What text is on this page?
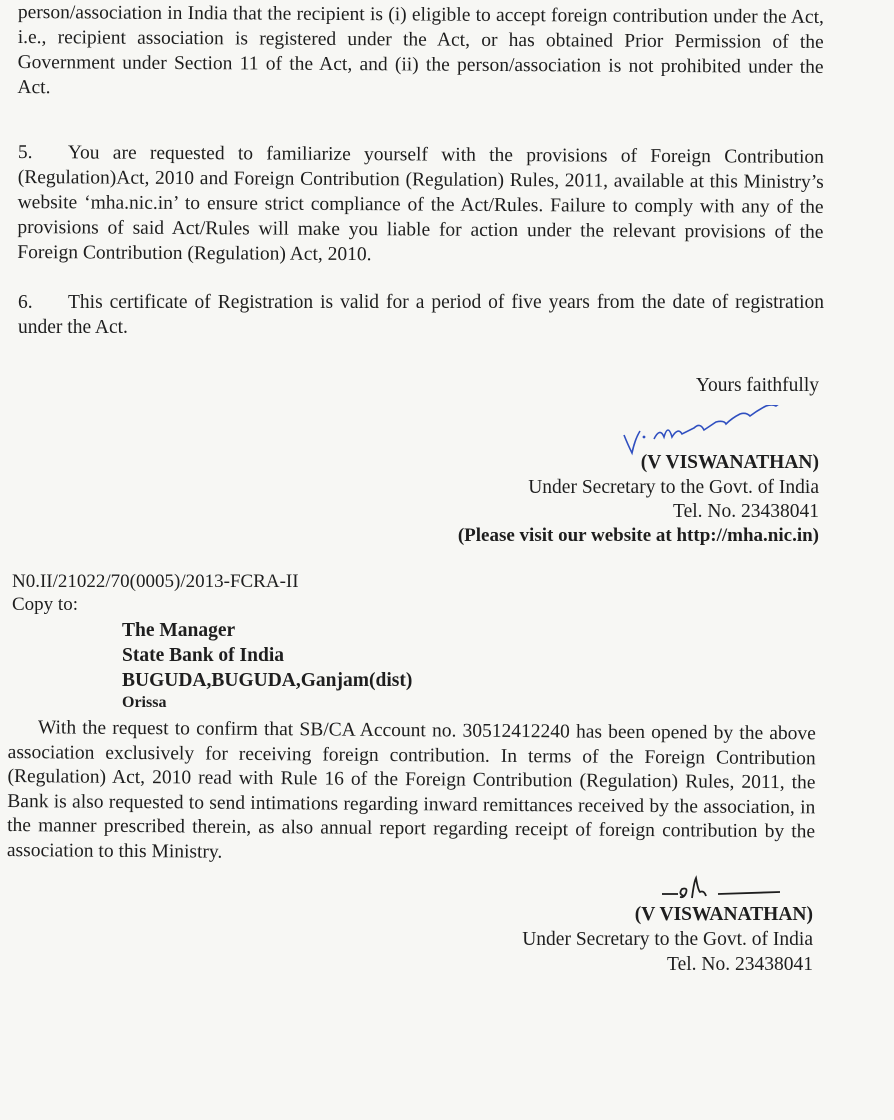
person/association in India that the recipient is (i) eligible to accept foreign contribution under the Act, i.e., recipient association is registered under the Act, or has obtained Prior Permission of the Government under Section 11 of the Act, and (ii) the person/association is not prohibited under the Act.
5. You are requested to familiarize yourself with the provisions of Foreign Contribution (Regulation)Act, 2010 and Foreign Contribution (Regulation) Rules, 2011, available at this Ministry’s website ‘mha.nic.in’ to ensure strict compliance of the Act/Rules. Failure to comply with any of the provisions of said Act/Rules will make you liable for action under the relevant provisions of the Foreign Contribution (Regulation) Act, 2010.
6. This certificate of Registration is valid for a period of five years from the date of registration under the Act.
Yours faithfully
(V VISWANATHAN)
Under Secretary to the Govt. of India
Tel. No. 23438041
(Please visit our website at http://mha.nic.in)
N0.II/21022/70(0005)/2013-FCRA-II
Copy to:
The Manager
State Bank of India
BUGUDA,BUGUDA,Ganjam(dist)
Orissa
With the request to confirm that SB/CA Account no. 30512412240 has been opened by the above association exclusively for receiving foreign contribution. In terms of the Foreign Contribution (Regulation) Act, 2010 read with Rule 16 of the Foreign Contribution (Regulation) Rules, 2011, the Bank is also requested to send intimations regarding inward remittances received by the association, in the manner prescribed therein, as also annual report regarding receipt of foreign contribution by the association to this Ministry.
(V VISWANATHAN)
Under Secretary to the Govt. of India
Tel. No. 23438041
